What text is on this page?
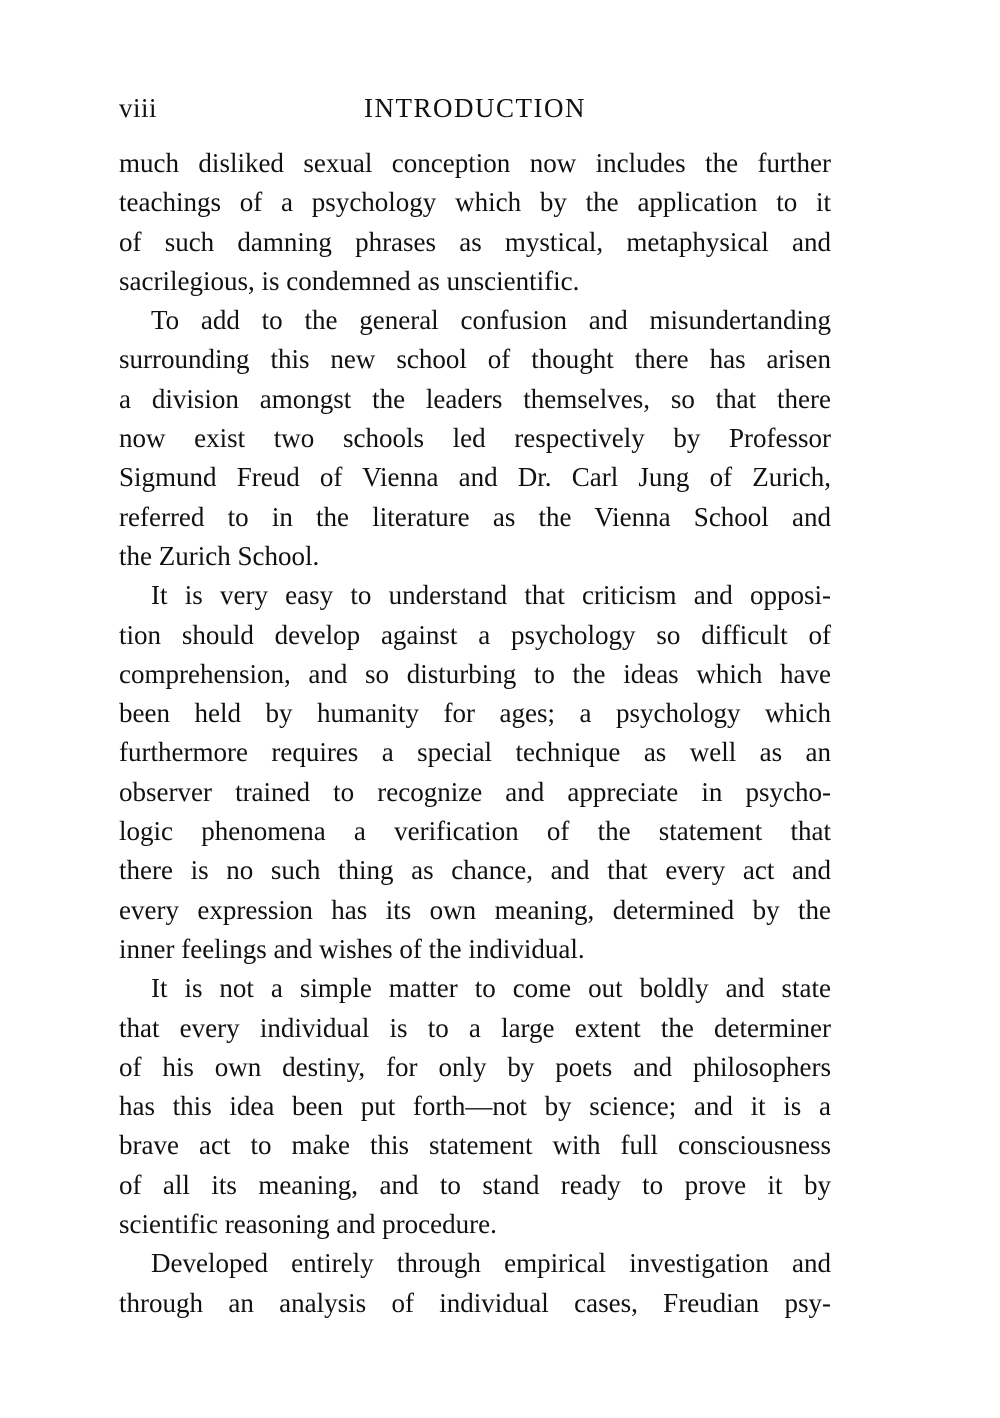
viii	INTRODUCTION
much disliked sexual conception now includes the further
teachings of a psychology which by the application to it
of such damning phrases as mystical, metaphysical and
sacrilegious, is condemned as unscientific.
To add to the general confusion and misundertanding
surrounding this new school of thought there has arisen
a division amongst the leaders themselves, so that there
now exist two schools led respectively by Professor
Sigmund Freud of Vienna and Dr. Carl Jung of Zurich,
referred to in the literature as the Vienna School and
the Zurich School.
It is very easy to understand that criticism and opposi-
tion should develop against a psychology so difficult of
comprehension, and so disturbing to the ideas which have
been held by humanity for ages; a psychology which
furthermore requires a special technique as well as an
observer trained to recognize and appreciate in psycho-
logic phenomena a verification of the statement that
there is no such thing as chance, and that every act and
every expression has its own meaning, determined by the
inner feelings and wishes of the individual.
It is not a simple matter to come out boldly and state
that every individual is to a large extent the determiner
of his own destiny, for only by poets and philosophers
has this idea been put forth—not by science; and it is a
brave act to make this statement with full consciousness
of all its meaning, and to stand ready to prove it by
scientific reasoning and procedure.
Developed entirely through empirical investigation and
through an analysis of individual cases, Freudian psy-
